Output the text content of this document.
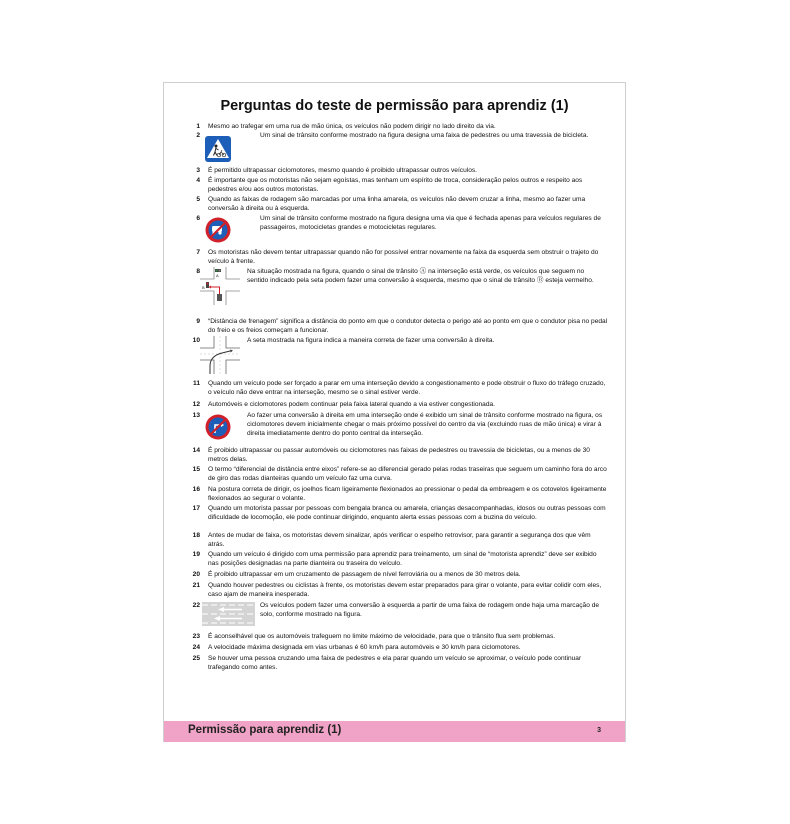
Perguntas do teste de permissão para aprendiz (1)
1 Mesmo ao trafegar em uma rua de mão única, os veículos não podem dirigir no lado direito da via.
2	Um sinal de trânsito conforme mostrado na figura designa uma faixa de pedestres ou uma travessia de bicicleta.
3 É permitido ultrapassar ciclomotores, mesmo quando é proibido ultrapassar outros veículos.
4 É importante que os motoristas não sejam egoístas, mas tenham um espírito de troca, consideração pelos outros e respeito aos pedestres e/ou aos outros motoristas.
5 Quando as faixas de rodagem são marcadas por uma linha amarela, os veículos não devem cruzar a linha, mesmo ao fazer uma conversão à direita ou à esquerda.
6	Um sinal de trânsito conforme mostrado na figura designa uma via que é fechada apenas para veículos regulares de passageiros, motocicletas grandes e motocicletas regulares.
7 Os motoristas não devem tentar ultrapassar quando não for possível entrar novamente na faixa da esquerda sem obstruir o trajeto do veículo à frente.
8	Na situação mostrada na figura, quando o sinal de trânsito Ⓐ na interseção está verde, os veículos que seguem no sentido indicado pela seta podem fazer uma conversão à esquerda, mesmo que o sinal de trânsito Ⓑ esteja vermelho.
A
B
9 “Distância de frenagem” significa a distância do ponto em que o condutor detecta o perigo até ao ponto em que o condutor pisa no pedal do freio e os freios começam a funcionar.
10	A seta mostrada na figura indica a maneira correta de fazer uma conversão à direita.
11 Quando um veículo pode ser forçado a parar em uma interseção devido a congestionamento e pode obstruir o fluxo do tráfego cruzado, o veículo não deve entrar na interseção, mesmo se o sinal estiver verde.
12 Automóveis e ciclomotores podem continuar pela faixa lateral quando a via estiver congestionada.
13	Ao fazer uma conversão à direita em uma interseção onde é exibido um sinal de trânsito conforme mostrado na figura, os ciclomotores devem inicialmente chegar o mais próximo possível do centro da via (excluindo ruas de mão única) e virar à direita imediatamente dentro do ponto central da interseção.
14 É proibido ultrapassar ou passar automóveis ou ciclomotores nas faixas de pedestres ou travessia de bicicletas, ou a menos de 30 metros delas.
15 O termo “diferencial de distância entre eixos” refere-se ao diferencial gerado pelas rodas traseiras que seguem um caminho fora do arco de giro das rodas dianteiras quando um veículo faz uma curva.
16 Na postura correta de dirigir, os joelhos ficam ligeiramente flexionados ao pressionar o pedal da embreagem e os cotovelos ligeiramente flexionados ao segurar o volante.
17 Quando um motorista passar por pessoas com bengala branca ou amarela, crianças desacompanhadas, idosos ou outras pessoas com dificuldade de locomoção, ele pode continuar dirigindo, enquanto alerta essas pessoas com a buzina do veículo.
18 Antes de mudar de faixa, os motoristas devem sinalizar, após verificar o espelho retrovisor, para garantir a segurança dos que vêm atrás.
19 Quando um veículo é dirigido com uma permissão para aprendiz para treinamento, um sinal de “motorista aprendiz” deve ser exibido nas posições designadas na parte dianteira ou traseira do veículo.
20 É proibido ultrapassar em um cruzamento de passagem de nível ferroviária ou a menos de 30 metros dela.
21 Quando houver pedestres ou ciclistas à frente, os motoristas devem estar preparados para girar o volante, para evitar colidir com eles, caso ajam de maneira inesperada.
22	Os veículos podem fazer uma conversão à esquerda a partir de uma faixa de rodagem onde haja uma marcação de solo, conforme mostrado na figura.
23 É aconselhável que os automóveis trafeguem no limite máximo de velocidade, para que o trânsito flua sem problemas.
24 A velocidade máxima designada em vias urbanas é 60 km/h para automóveis e 30 km/h para ciclomotores.
25 Se houver uma pessoa cruzando uma faixa de pedestres e ela parar quando um veículo se aproximar, o veículo pode continuar trafegando como antes.
Permissão para aprendiz (1)	3
